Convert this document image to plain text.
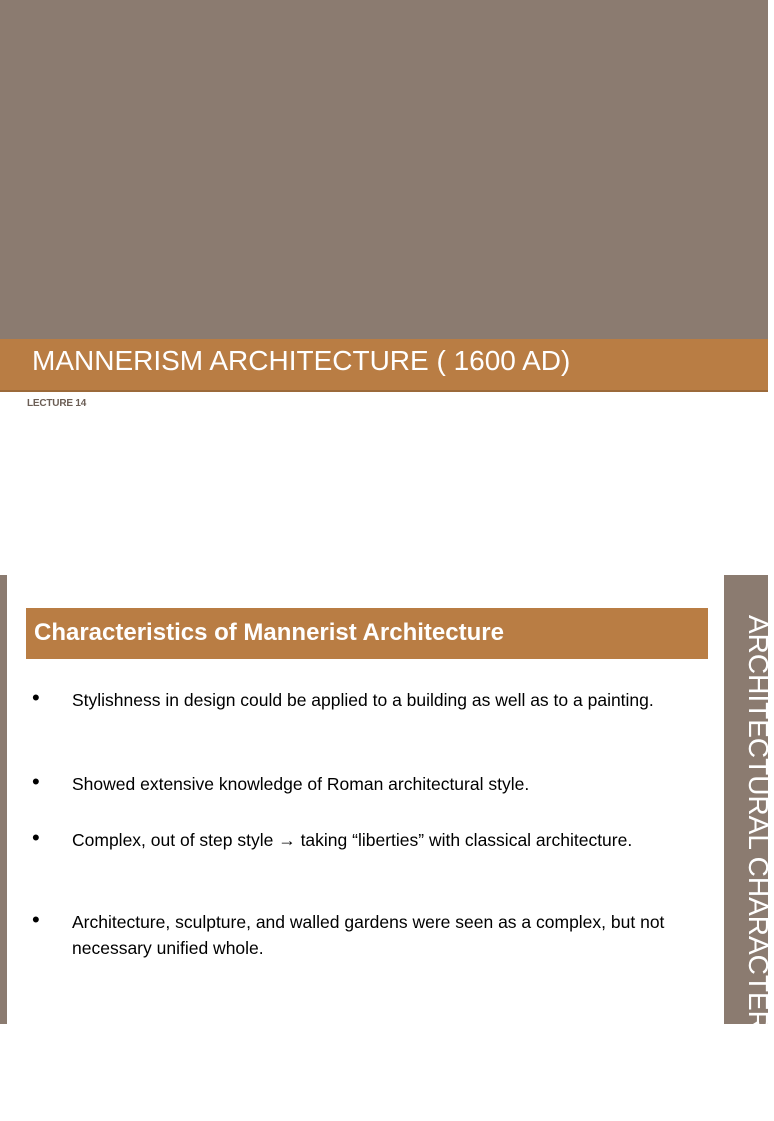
MANNERISM ARCHITECTURE ( 1600 AD)
LECTURE 14
ARCHITECTURAL CHARACTERISTICS
Characteristics of Mannerist Architecture
• Stylishness in design could be applied to a building as well as to a painting.
• Showed extensive knowledge of Roman architectural style.
• Complex, out of step style → taking “liberties” with classical architecture.
• Architecture, sculpture, and walled gardens were seen as a complex, but not necessary unified whole.
